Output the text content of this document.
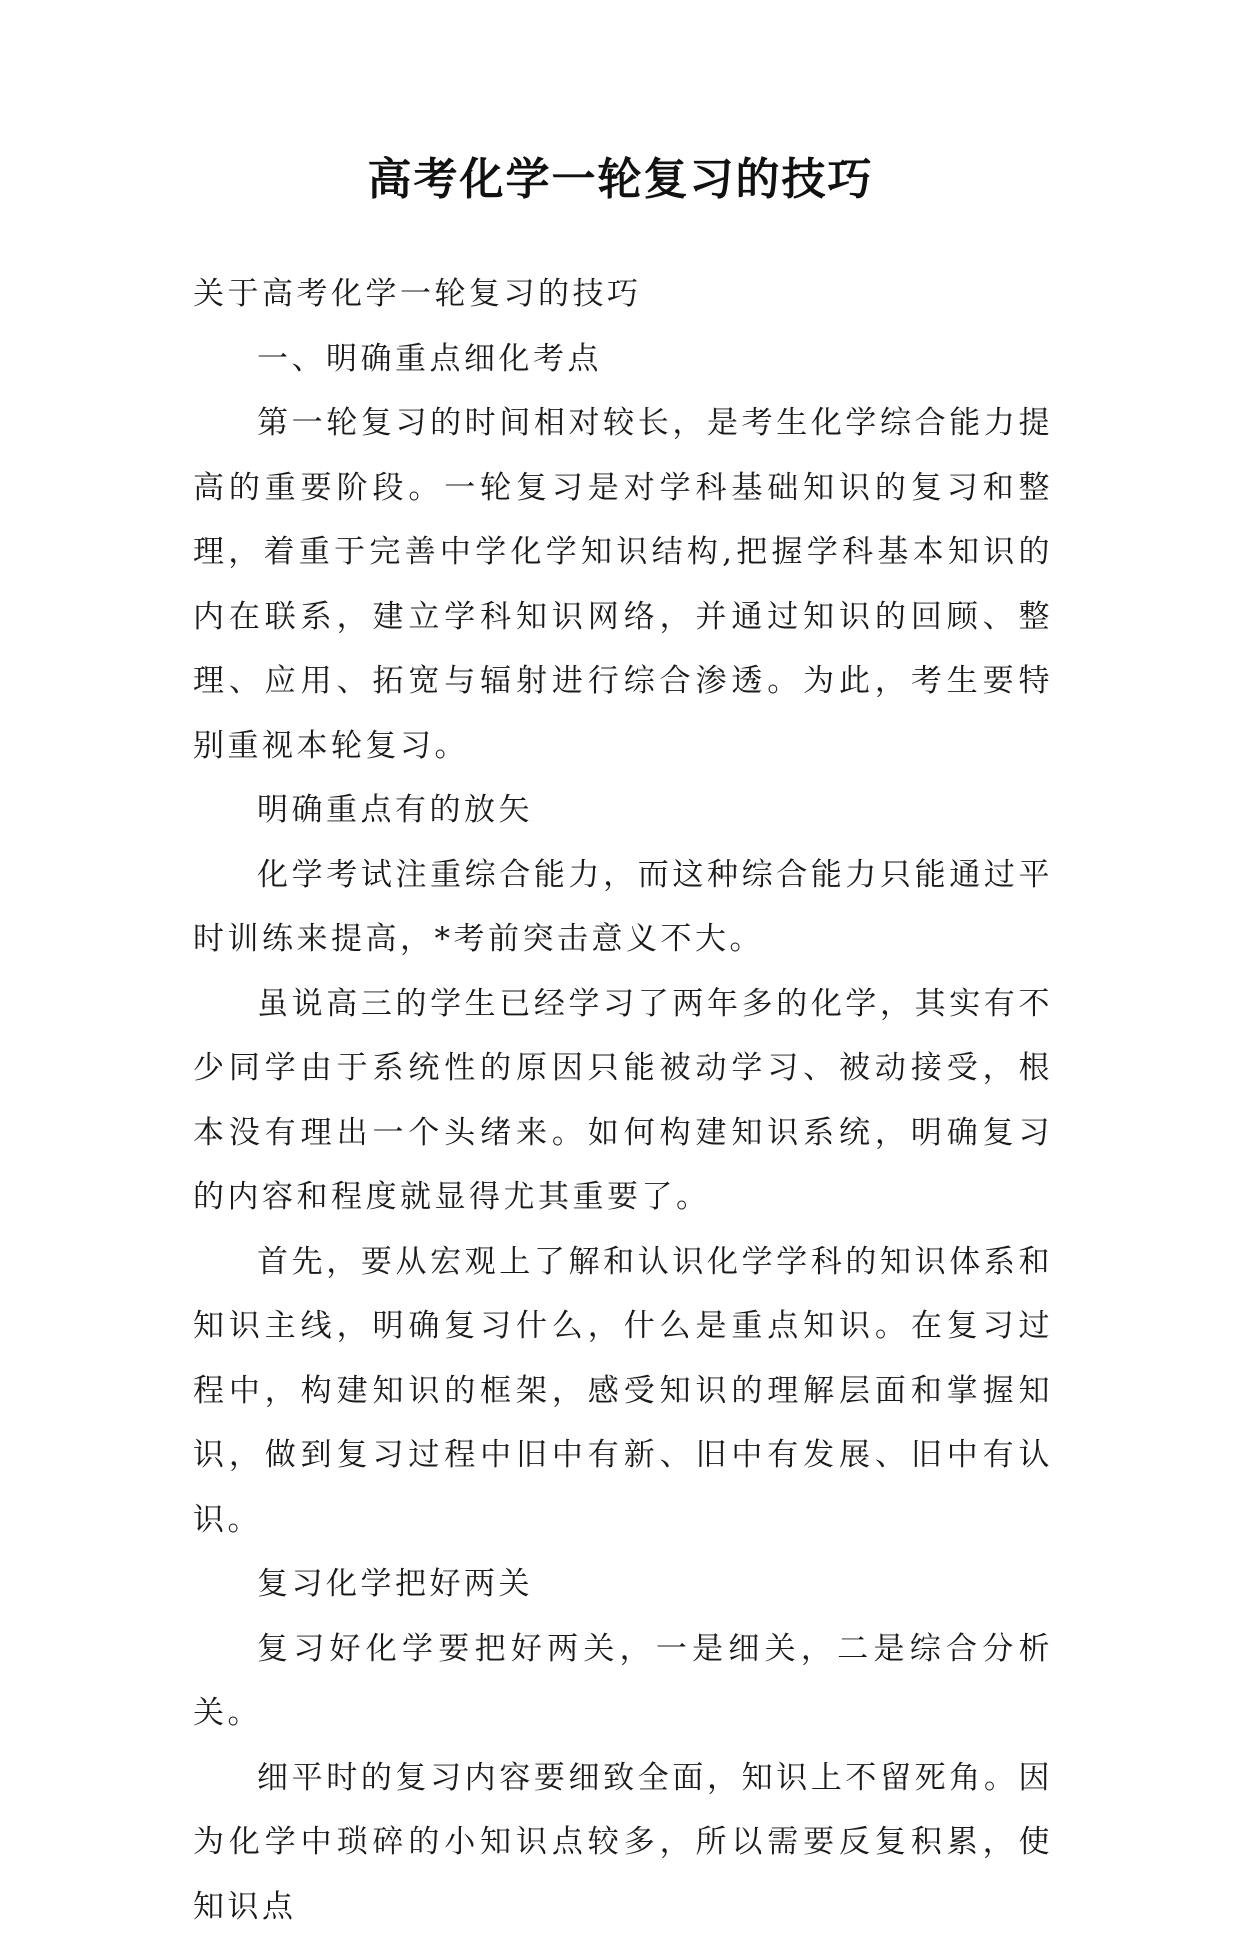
高考化学一轮复习的技巧

关于高考化学一轮复习的技巧

一、明确重点细化考点

第一轮复习的时间相对较长，是考生化学综合能力提高的重要阶段。一轮复习是对学科基础知识的复习和整理，着重于完善中学化学知识结构,把握学科基本知识的内在联系，建立学科知识网络，并通过知识的回顾、整理、应用、拓宽与辐射进行综合渗透。为此，考生要特别重视本轮复习。

明确重点有的放矢

化学考试注重综合能力，而这种综合能力只能通过平时训练来提高，*考前突击意义不大。

虽说高三的学生已经学习了两年多的化学，其实有不少同学由于系统性的原因只能被动学习、被动接受，根本没有理出一个头绪来。如何构建知识系统，明确复习的内容和程度就显得尤其重要了。

首先，要从宏观上了解和认识化学学科的知识体系和知识主线，明确复习什么，什么是重点知识。在复习过程中，构建知识的框架，感受知识的理解层面和掌握知识，做到复习过程中旧中有新、旧中有发展、旧中有认识。

复习化学把好两关

复习好化学要把好两关，一是细关，二是综合分析关。

细平时的复习内容要细致全面，知识上不留死角。因为化学中琐碎的小知识点较多，所以需要反复积累，使知识点
